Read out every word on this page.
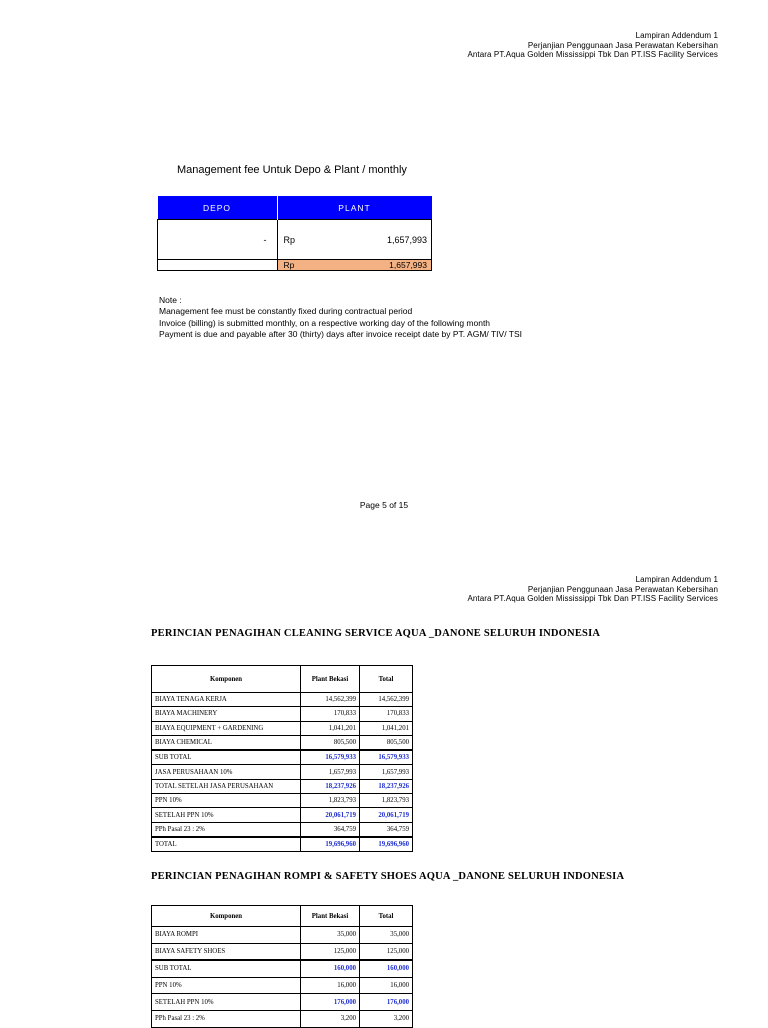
Lampiran Addendum 1
Perjanjian Penggunaan Jasa Perawatan Kebersihan
Antara PT.Aqua Golden Mississippi Tbk Dan PT.ISS Facility Services
Management fee Untuk Depo & Plant / monthly
DEPO	PLANT	
-	Rp	1,657,993
	Rp	1,657,993
Note :
Management fee must be constantly fixed during contractual period
Invoice (billing) is submitted monthly, on a respective working day of the following month
Payment is due and payable after 30 (thirty) days after invoice receipt date by PT. AGM/ TIV/ TSI
Page 5 of 15
Lampiran Addendum 1
Perjanjian Penggunaan Jasa Perawatan Kebersihan
Antara PT.Aqua Golden Mississippi Tbk Dan PT.ISS Facility Services
PERINCIAN PENAGIHAN CLEANING SERVICE AQUA _DANONE SELURUH INDONESIA
Komponen	Plant Bekasi	Total
BIAYA TENAGA KERJA	14,562,399	14,562,399
BIAYA MACHINERY	170,833	170,833
BIAYA EQUIPMENT + GARDENING	1,041,201	1,041,201
BIAYA CHEMICAL	805,500	805,500
SUB TOTAL	16,579,933	16,579,933
JASA PERUSAHAAN 10%	1,657,993	1,657,993
TOTAL SETELAH JASA PERUSAHAAN	18,237,926	18,237,926
PPN 10%	1,823,793	1,823,793
SETELAH PPN 10%	20,061,719	20,061,719
PPh Pasal 23 : 2%	364,759	364,759
TOTAL	19,696,960	19,696,960
PERINCIAN PENAGIHAN ROMPI & SAFETY SHOES AQUA _DANONE SELURUH INDONESIA
Komponen	Plant Bekasi	Total
BIAYA ROMPI	35,000	35,000
BIAYA SAFETY SHOES	125,000	125,000
SUB TOTAL	160,000	160,000
PPN 10%	16,000	16,000
SETELAH PPN 10%	176,000	176,000
PPh Pasal 23 : 2%	3,200	3,200
